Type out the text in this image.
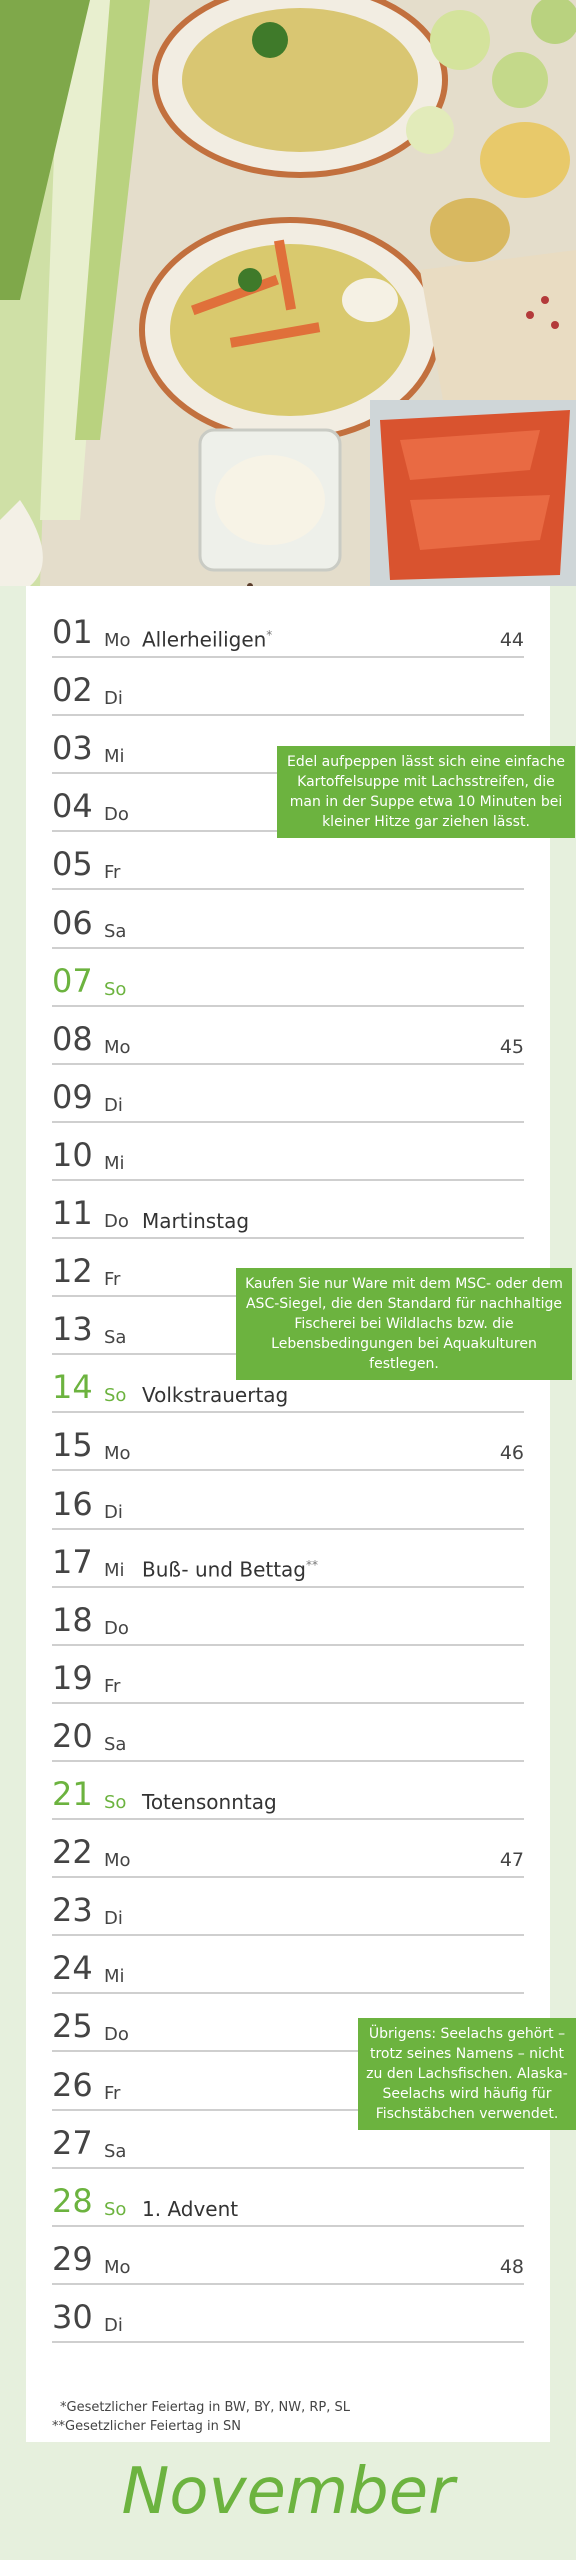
01 Mo Allerheiligen*	44
02 Di
03 Mi
04 Do
05 Fr
06 Sa
07 So
08 Mo	45
09 Di
10 Mi
11 Do Martinstag
12 Fr
13 Sa
14 So Volkstrauertag
15 Mo	46
16 Di
17 Mi Buß- und Bettag**
18 Do
19 Fr
20 Sa
21 So Totensonntag
22 Mo	47
23 Di
24 Mi
25 Do
26 Fr
27 Sa
28 So 1. Advent
29 Mo	48
30 Di
Edel aufpeppen lässt sich eine einfache Kartoffelsuppe mit Lachsstreifen, die man in der Suppe etwa 10 Minuten bei kleiner Hitze gar ziehen lässt.
Kaufen Sie nur Ware mit dem MSC- oder dem ASC-Siegel, die den Standard für nachhaltige Fischerei bei Wildlachs bzw. die Lebensbedingungen bei Aquakulturen festlegen.
Übrigens: Seelachs gehört – trotz seines Namens – nicht zu den Lachsfischen. Alaska-Seelachs wird häufig für Fischstäbchen verwendet.
*Gesetzlicher Feiertag in BW, BY, NW, RP, SL
**Gesetzlicher Feiertag in SN
November
